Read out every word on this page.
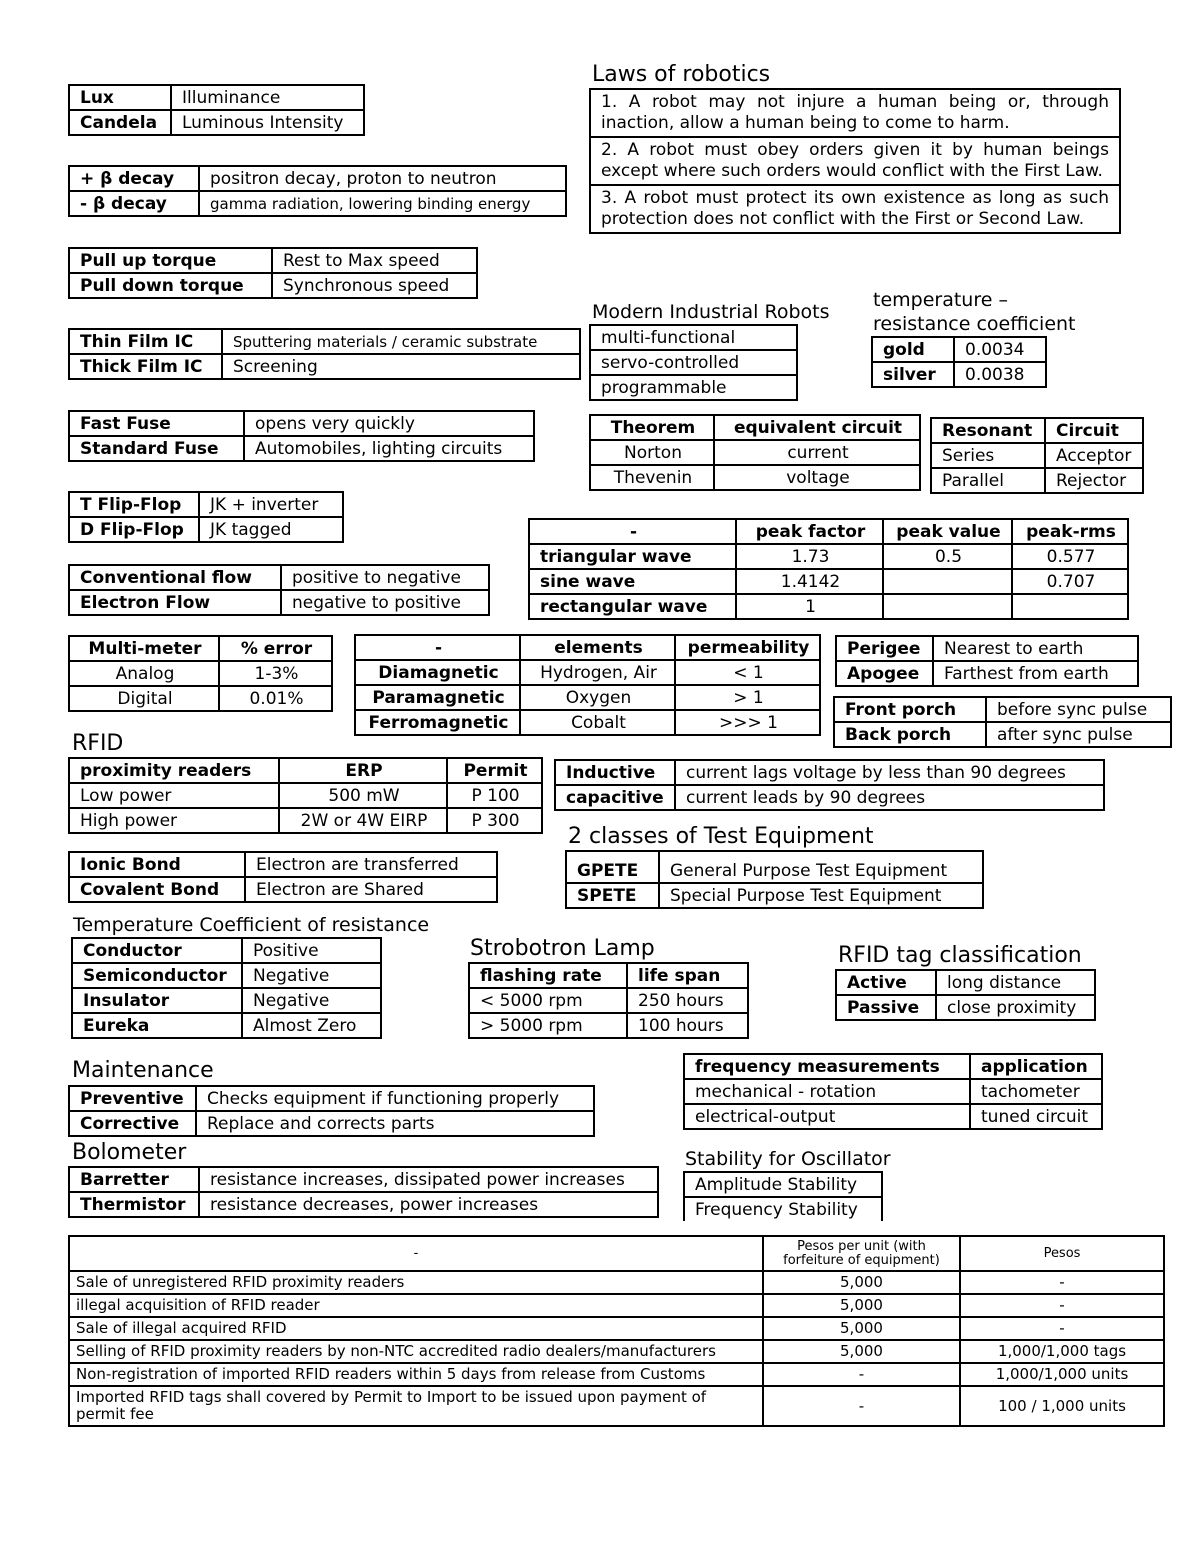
Lux	Illuminance
Candela	Luminous Intensity
+ β decay	positron decay, proton to neutron
- β decay	gamma radiation, lowering binding energy
Pull up torque	Rest to Max speed
Pull down torque	Synchronous speed
Thin Film IC	Sputtering materials / ceramic substrate
Thick Film IC	Screening
Fast Fuse	opens very quickly
Standard Fuse	Automobiles, lighting circuits
T Flip-Flop	JK + inverter
D Flip-Flop	JK tagged
Conventional flow	positive to negative
Electron Flow	negative to positive
Multi-meter	% error
Analog	1-3%
Digital	0.01%
RFID
proximity readers	ERP	Permit
Low power	500 mW	P 100
High power	2W or 4W EIRP	P 300
Ionic Bond	Electron are transferred
Covalent Bond	Electron are Shared
Temperature Coefficient of resistance
Conductor	Positive
Semiconductor	Negative
Insulator	Negative
Eureka	Almost Zero
Maintenance
Preventive	Checks equipment if functioning properly
Corrective	Replace and corrects parts
Bolometer
Barretter	resistance increases, dissipated power increases
Thermistor	resistance decreases, power increases
Laws of robotics
1. A robot may not injure a human being or, through inaction, allow a human being to come to harm.
2. A robot must obey orders given it by human beings except where such orders would conflict with the First Law.
3. A robot must protect its own existence as long as such protection does not conflict with the First or Second Law.
Modern Industrial Robots
multi-functional
servo-controlled
programmable
temperature –
resistance coefficient
gold	0.0034
silver	0.0038
Theorem	equivalent circuit
Norton	current
Thevenin	voltage
Resonant	Circuit
Series	Acceptor
Parallel	Rejector
-	peak factor	peak value	peak-rms
triangular wave	1.73	0.5	0.577
sine wave	1.4142		0.707
rectangular wave	1		
-	elements	permeability
Diamagnetic	Hydrogen, Air	< 1
Paramagnetic	Oxygen	> 1
Ferromagnetic	Cobalt	>>> 1
Perigee	Nearest to earth
Apogee	Farthest from earth
Front porch	before sync pulse
Back porch	after sync pulse
Inductive	current lags voltage by less than 90 degrees
capacitive	current leads by 90 degrees
2 classes of Test Equipment
GPETE	General Purpose Test Equipment
SPETE	Special Purpose Test Equipment
Strobotron Lamp
flashing rate	life span
< 5000 rpm	250 hours
> 5000 rpm	100 hours
RFID tag classification
Active	long distance
Passive	close proximity
frequency measurements	application
mechanical - rotation	tachometer
electrical-output	tuned circuit
Stability for Oscillator
Amplitude Stability
Frequency Stability
-	Pesos per unit (with forfeiture of equipment)	Pesos
Sale of unregistered RFID proximity readers	5,000	-
illegal acquisition of RFID reader	5,000	-
Sale of illegal acquired RFID	5,000	-
Selling of RFID proximity readers by non-NTC accredited radio dealers/manufacturers	5,000	1,000/1,000 tags
Non-registration of imported RFID readers within 5 days from release from Customs	-	1,000/1,000 units
Imported RFID tags shall covered by Permit to Import to be issued upon payment of permit fee	-	100 / 1,000 units
